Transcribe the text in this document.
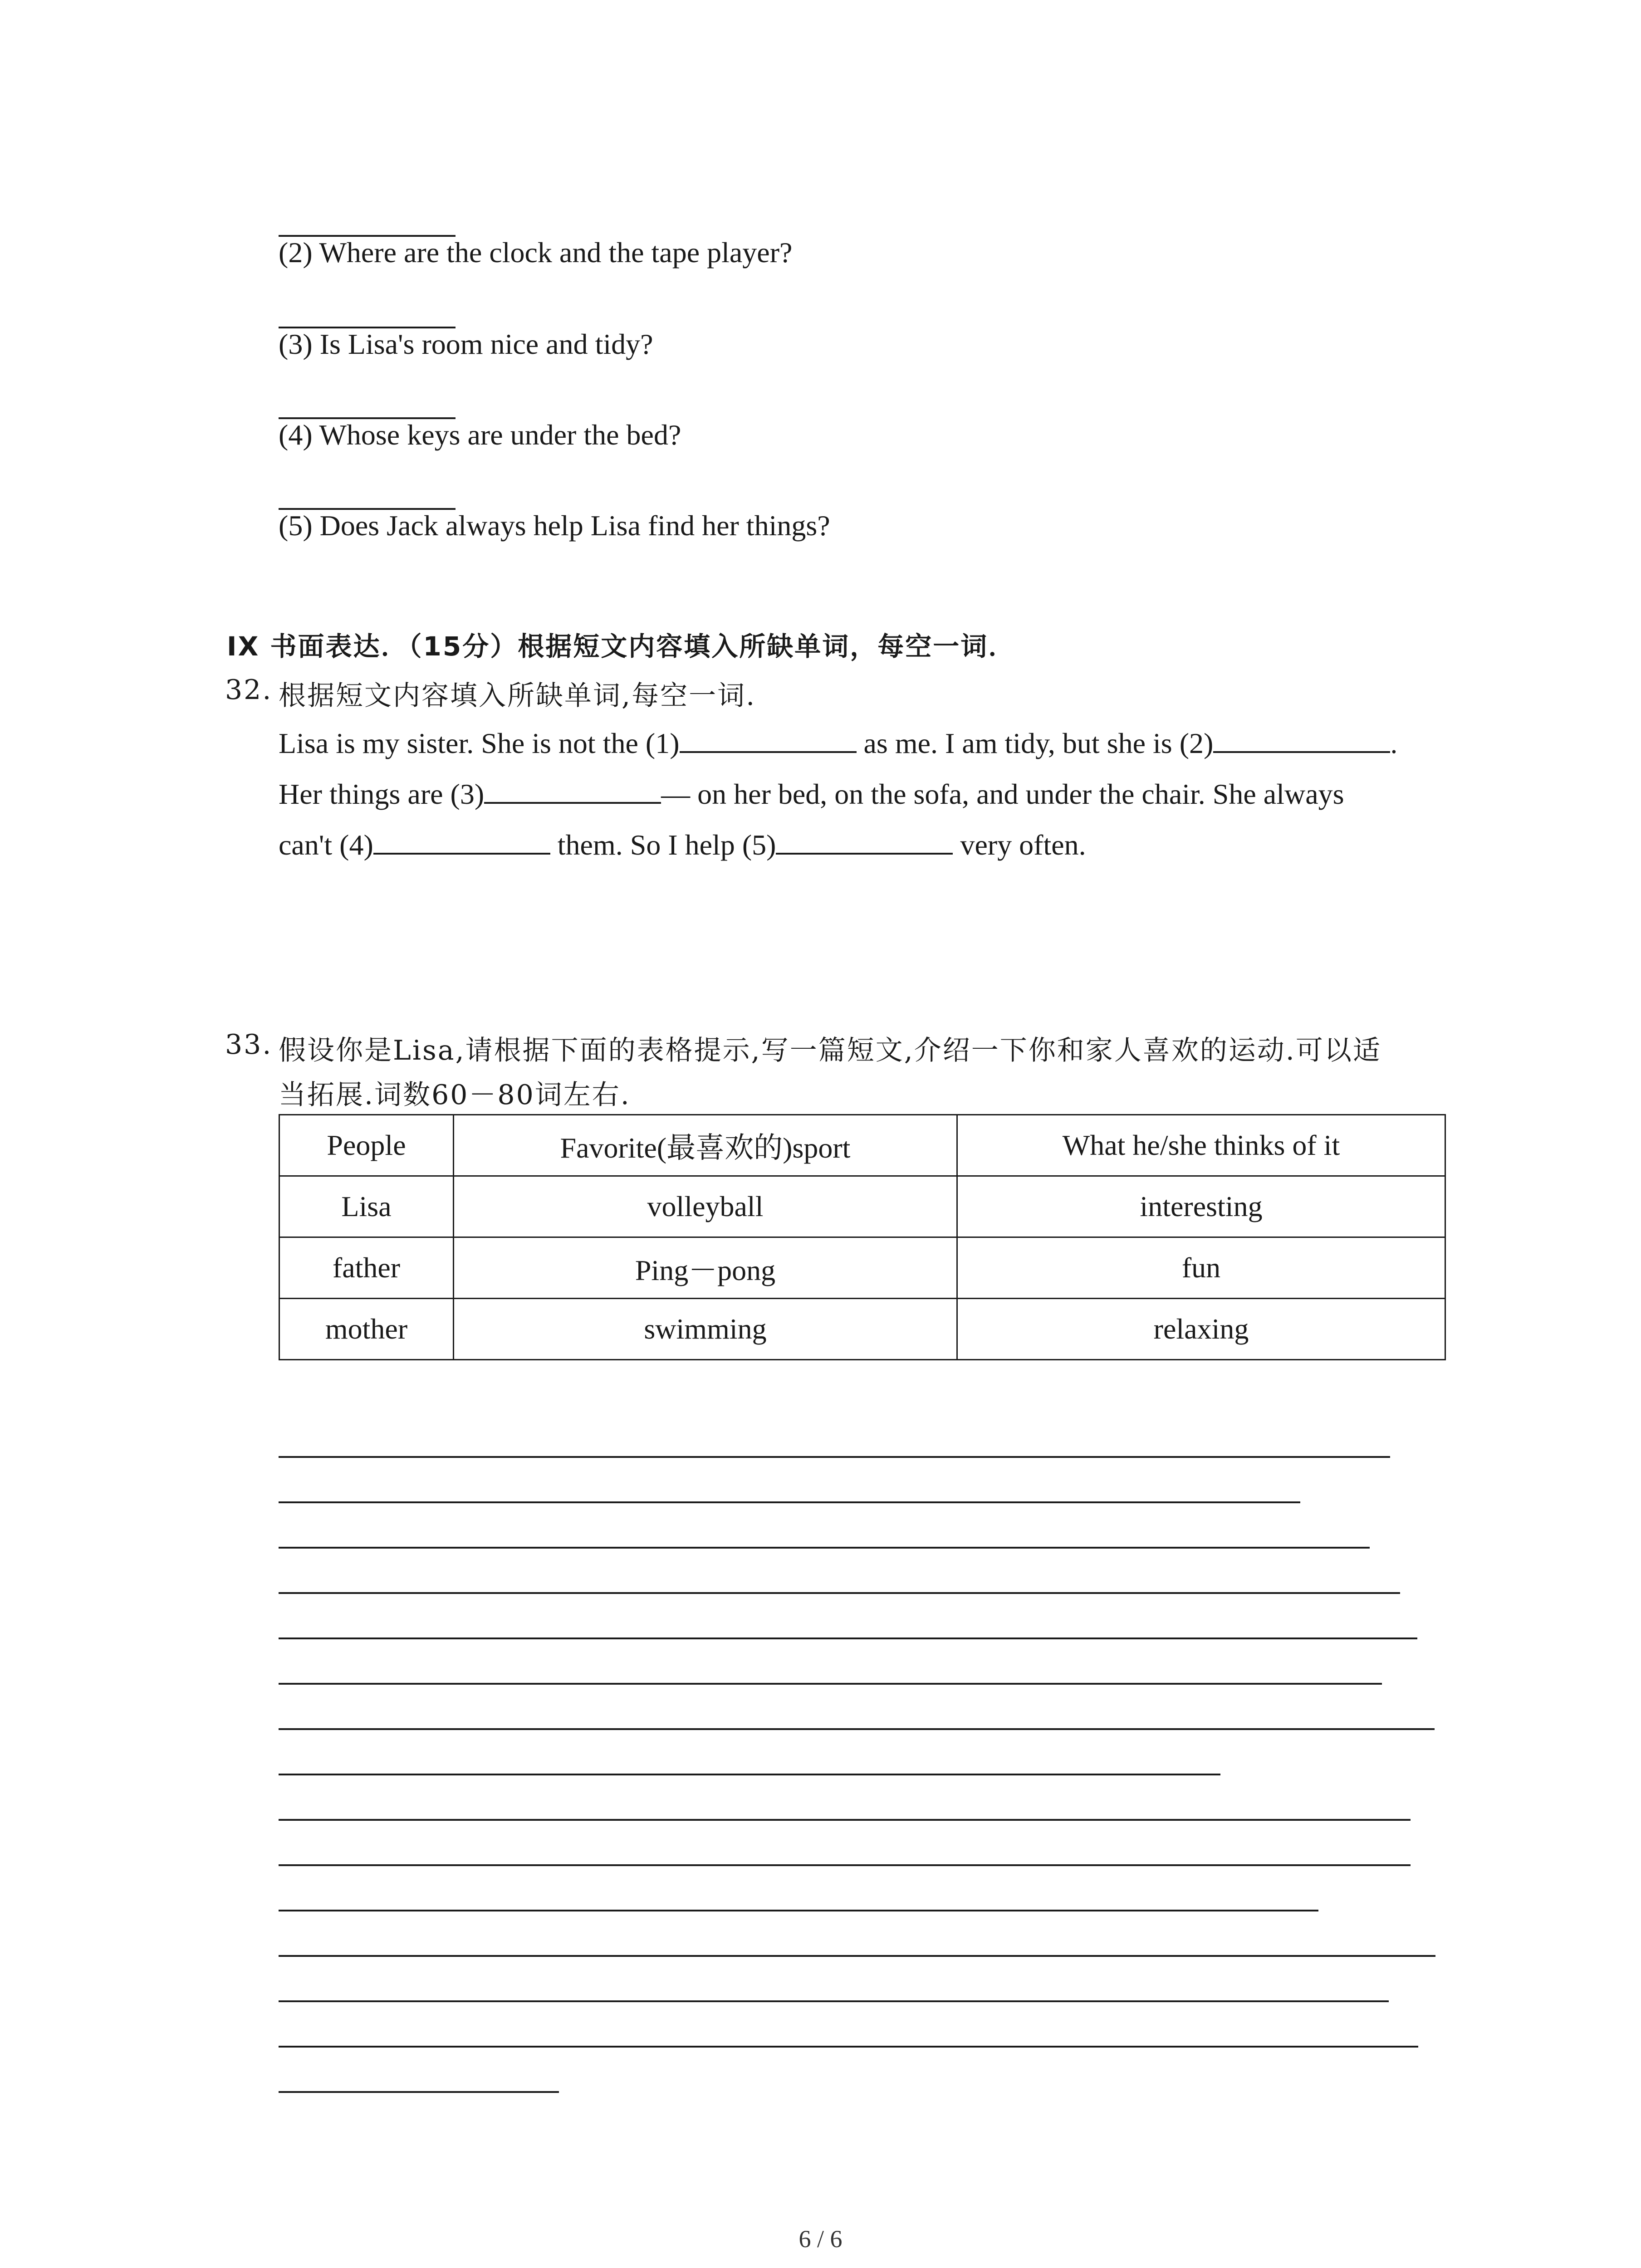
(2) Where are the clock and the tape player?
(3) Is Lisa's room nice and tidy?
(4) Whose keys are under the bed?
(5) Does Jack always help Lisa find her things?
IX 书面表达．（15分）根据短文内容填入所缺单词，每空一词．
32. 根据短文内容填入所缺单词,每空一词.
Lisa is my sister. She is not the (1)	as me. I am tidy, but she is (2)	.
Her things are (3)	— on her bed, on the sofa, and under the chair. She always
can't (4)	them. So I help (5)	very often.
33. 假设你是Lisa,请根据下面的表格提示,写一篇短文,介绍一下你和家人喜欢的运动.可以适
当拓展.词数60－80词左右.
People	Favorite(最喜欢的)sport	What he/she thinks of it
Lisa	volleyball	interesting
father	Ping－pong	fun
mother	swimming	relaxing
6 / 6
